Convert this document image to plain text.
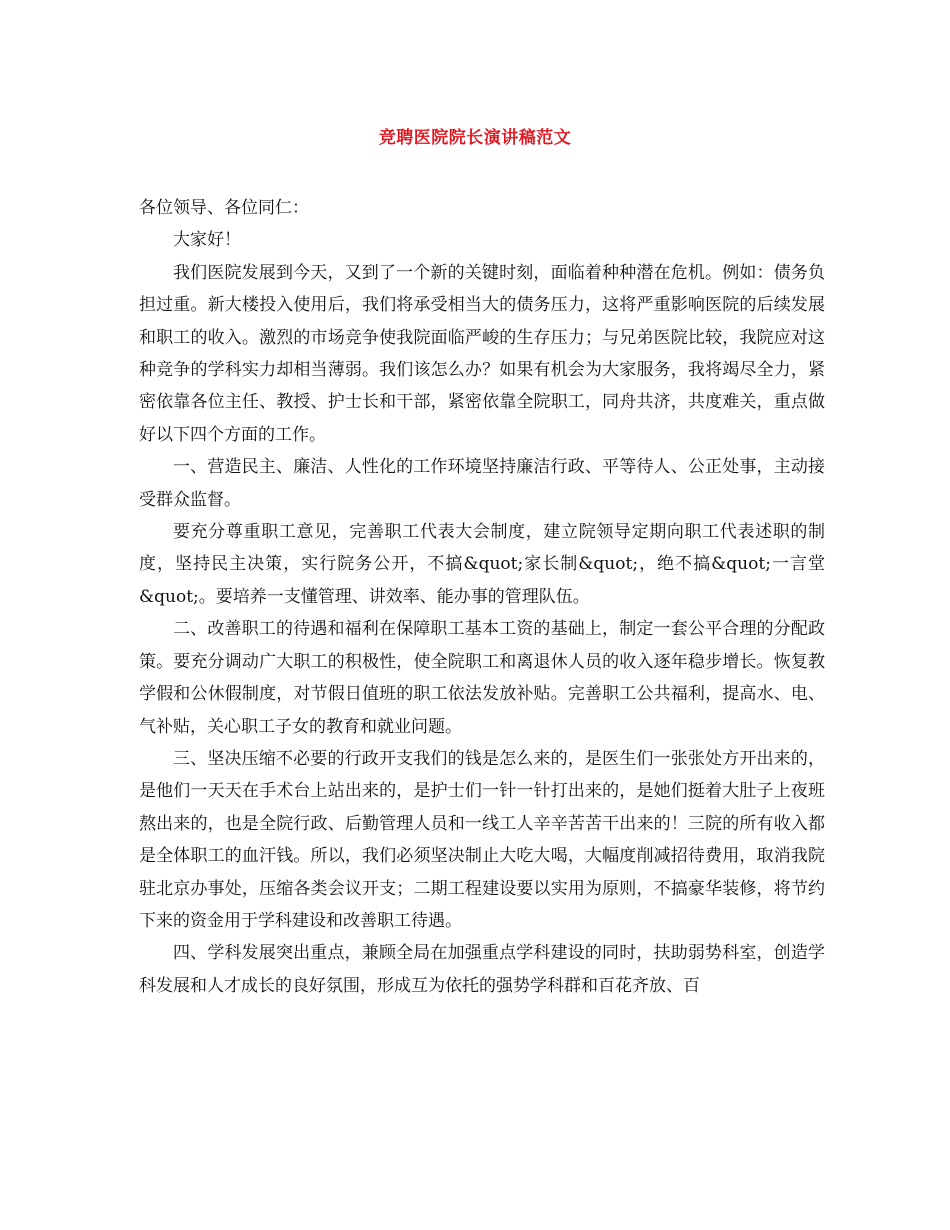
竞聘医院院长演讲稿范文

各位领导、各位同仁：

大家好！

我们医院发展到今天，又到了一个新的关键时刻，面临着种种潜在危机。例如：债务负担过重。新大楼投入使用后，我们将承受相当大的债务压力，这将严重影响医院的后续发展和职工的收入。激烈的市场竞争使我院面临严峻的生存压力；与兄弟医院比较，我院应对这种竞争的学科实力却相当薄弱。我们该怎么办？如果有机会为大家服务，我将竭尽全力，紧密依靠各位主任、教授、护士长和干部，紧密依靠全院职工，同舟共济，共度难关，重点做好以下四个方面的工作。

一、营造民主、廉洁、人性化的工作环境坚持廉洁行政、平等待人、公正处事，主动接受群众监督。

要充分尊重职工意见，完善职工代表大会制度，建立院领导定期向职工代表述职的制度，坚持民主决策，实行院务公开，不搞&quot;家长制&quot;，绝不搞&quot;一言堂&quot;。要培养一支懂管理、讲效率、能办事的管理队伍。

二、改善职工的待遇和福利在保障职工基本工资的基础上，制定一套公平合理的分配政策。要充分调动广大职工的积极性，使全院职工和离退休人员的收入逐年稳步增长。恢复教学假和公休假制度，对节假日值班的职工依法发放补贴。完善职工公共福利，提高水、电、气补贴，关心职工子女的教育和就业问题。

三、坚决压缩不必要的行政开支我们的钱是怎么来的，是医生们一张张处方开出来的，是他们一天天在手术台上站出来的，是护士们一针一针打出来的，是她们挺着大肚子上夜班熬出来的，也是全院行政、后勤管理人员和一线工人辛辛苦苦干出来的！三院的所有收入都是全体职工的血汗钱。所以，我们必须坚决制止大吃大喝，大幅度削减招待费用，取消我院驻北京办事处，压缩各类会议开支；二期工程建设要以实用为原则，不搞豪华装修，将节约下来的资金用于学科建设和改善职工待遇。

四、学科发展突出重点，兼顾全局在加强重点学科建设的同时，扶助弱势科室，创造学科发展和人才成长的良好氛围，形成互为依托的强势学科群和百花齐放、百
